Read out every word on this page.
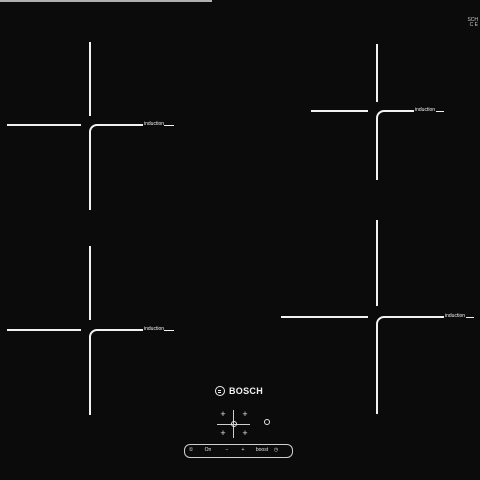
SCH
C E
induction
induction
induction
induction
BOSCH
+ +
+ +
①	On	−	+	boost	◷
